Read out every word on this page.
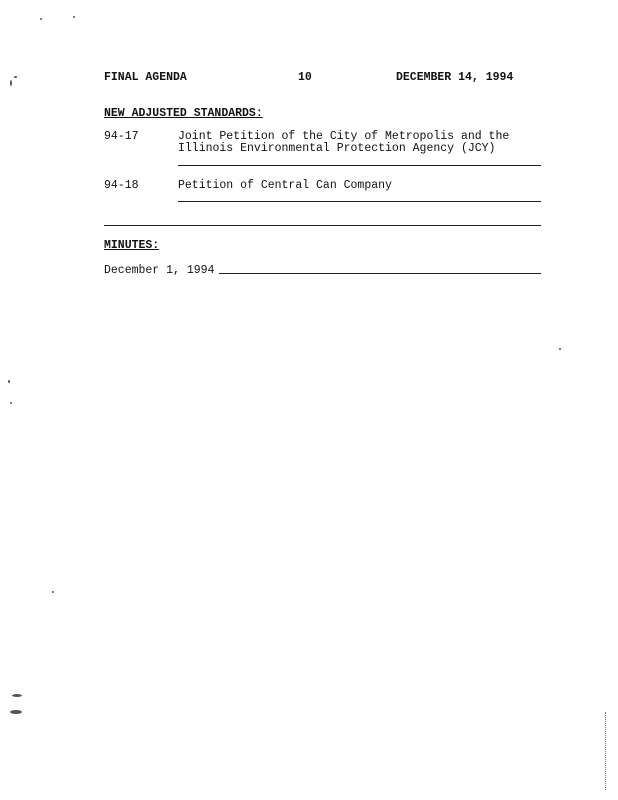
FINAL AGENDA	10	DECEMBER 14, 1994
NEW ADJUSTED STANDARDS:
94-17	Joint Petition of the City of Metropolis and the
Illinois Environmental Protection Agency (JCY)
94-18	Petition of Central Can Company
MINUTES:
December 1, 1994
